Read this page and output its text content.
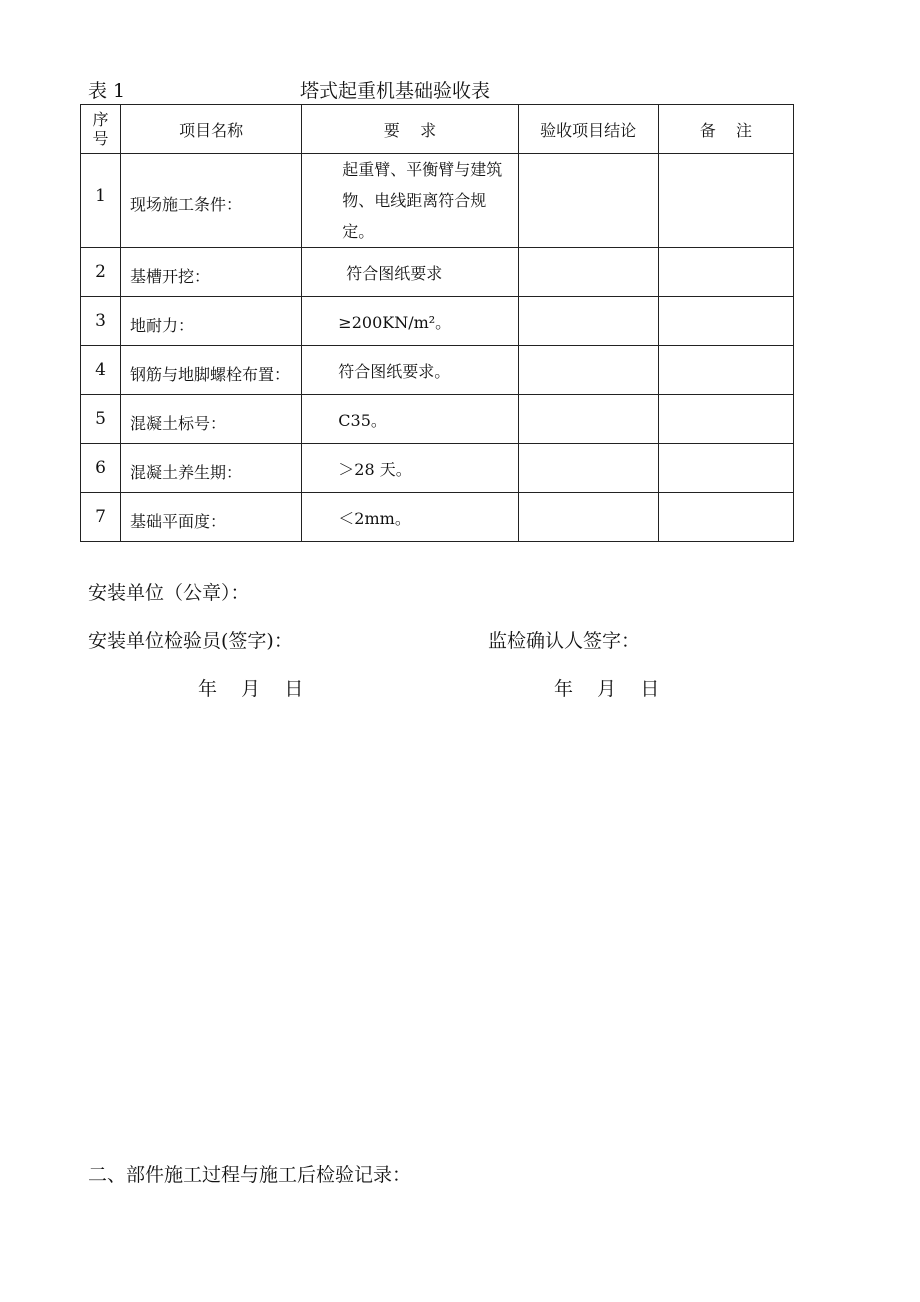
表 1	塔式起重机基础验收表
序号	项目名称	要    求	验收项目结论	备    注
1	现场施工条件：	起重臂、平衡臂与建筑物、电线距离符合规定。		
2	基槽开挖：	符合图纸要求		
3	地耐力：	≥200KN/m²。		
4	钢筋与地脚螺栓布置：	符合图纸要求。		
5	混凝土标号：	C35。		
6	混凝土养生期：	＞28 天。		
7	基础平面度：	＜2mm。		
安装单位（公章）：
安装单位检验员(签字)：	监检确认人签字：
年    月    日	年    月    日
二、部件施工过程与施工后检验记录：
